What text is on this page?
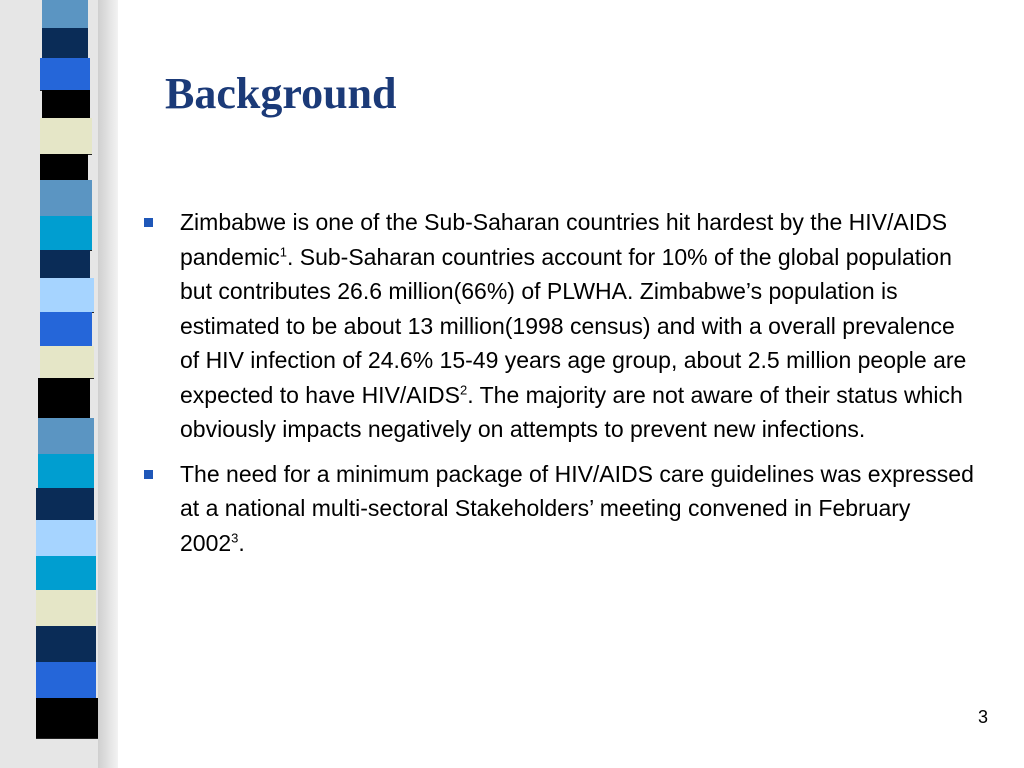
Background
Zimbabwe is one of the Sub-Saharan countries hit hardest by the HIV/AIDS pandemic$^1$. Sub-Saharan countries account for 10% of the global population but contributes 26.6 million(66%) of PLWHA. Zimbabwe’s population is estimated to be about 13 million(1998 census) and with a overall prevalence of HIV infection of 24.6% 15-49 years age group, about 2.5 million people are expected to have HIV/AIDS$^2$. The majority are not aware of their status which obviously impacts negatively on attempts to prevent new infections.
The need for a minimum package of HIV/AIDS care guidelines was expressed at a national multi-sectoral Stakeholders’ meeting convened in February 2002$^3$.
3
